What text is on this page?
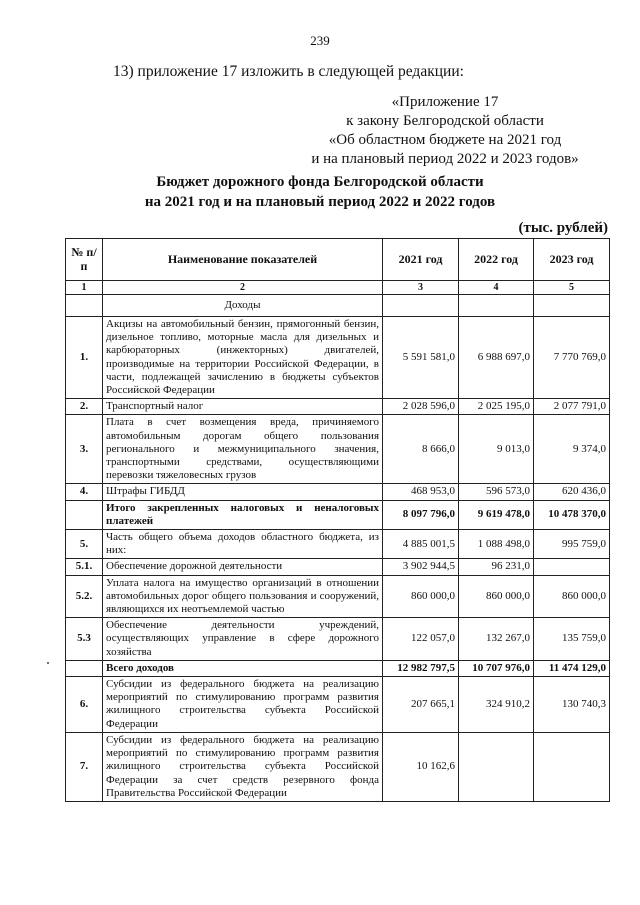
239
13) приложение 17 изложить в следующей редакции:
«Приложение 17
к закону Белгородской области
«Об областном бюджете на 2021 год
и на плановый период 2022 и 2023 годов»
Бюджет дорожного фонда Белгородской области
на 2021 год и на плановый период 2022 и 2022 годов
(тыс. рублей)
№ п/п	Наименование показателей	2021 год	2022 год	2023 год
1	2	3	4	5
	Доходы			
1.	Акцизы на автомобильный бензин, прямогонный бензин, дизельное топливо, моторные масла для дизельных и карбюраторных (инжекторных) двигателей, производимые на территории Российской Федерации, в части, подлежащей зачислению в бюджеты субъектов Российской Федерации	5 591 581,0	6 988 697,0	7 770 769,0
2.	Транспортный налог	2 028 596,0	2 025 195,0	2 077 791,0
3.	Плата в счет возмещения вреда, причиняемого автомобильным дорогам общего пользования регионального и межмуниципального значения, транспортными средствами, осуществляющими перевозки тяжеловесных грузов	8 666,0	9 013,0	9 374,0
4.	Штрафы ГИБДД	468 953,0	596 573,0	620 436,0
	Итого закрепленных налоговых и неналоговых платежей	8 097 796,0	9 619 478,0	10 478 370,0
5.	Часть общего объема доходов областного бюджета, из них:	4 885 001,5	1 088 498,0	995 759,0
5.1.	Обеспечение дорожной деятельности	3 902 944,5	96 231,0	
5.2.	Уплата налога на имущество организаций в отношении автомобильных дорог общего пользования и сооружений, являющихся их неотъемлемой частью	860 000,0	860 000,0	860 000,0
5.3	Обеспечение деятельности учреждений, осуществляющих управление в сфере дорожного хозяйства	122 057,0	132 267,0	135 759,0
	Всего доходов	12 982 797,5	10 707 976,0	11 474 129,0
6.	Субсидии из федерального бюджета на реализацию мероприятий по стимулированию программ развития жилищного строительства субъекта Российской Федерации	207 665,1	324 910,2	130 740,3
7.	Субсидии из федерального бюджета на реализацию мероприятий по стимулированию программ развития жилищного строительства субъекта Российской Федерации за счет средств резервного фонда Правительства Российской Федерации	10 162,6		
